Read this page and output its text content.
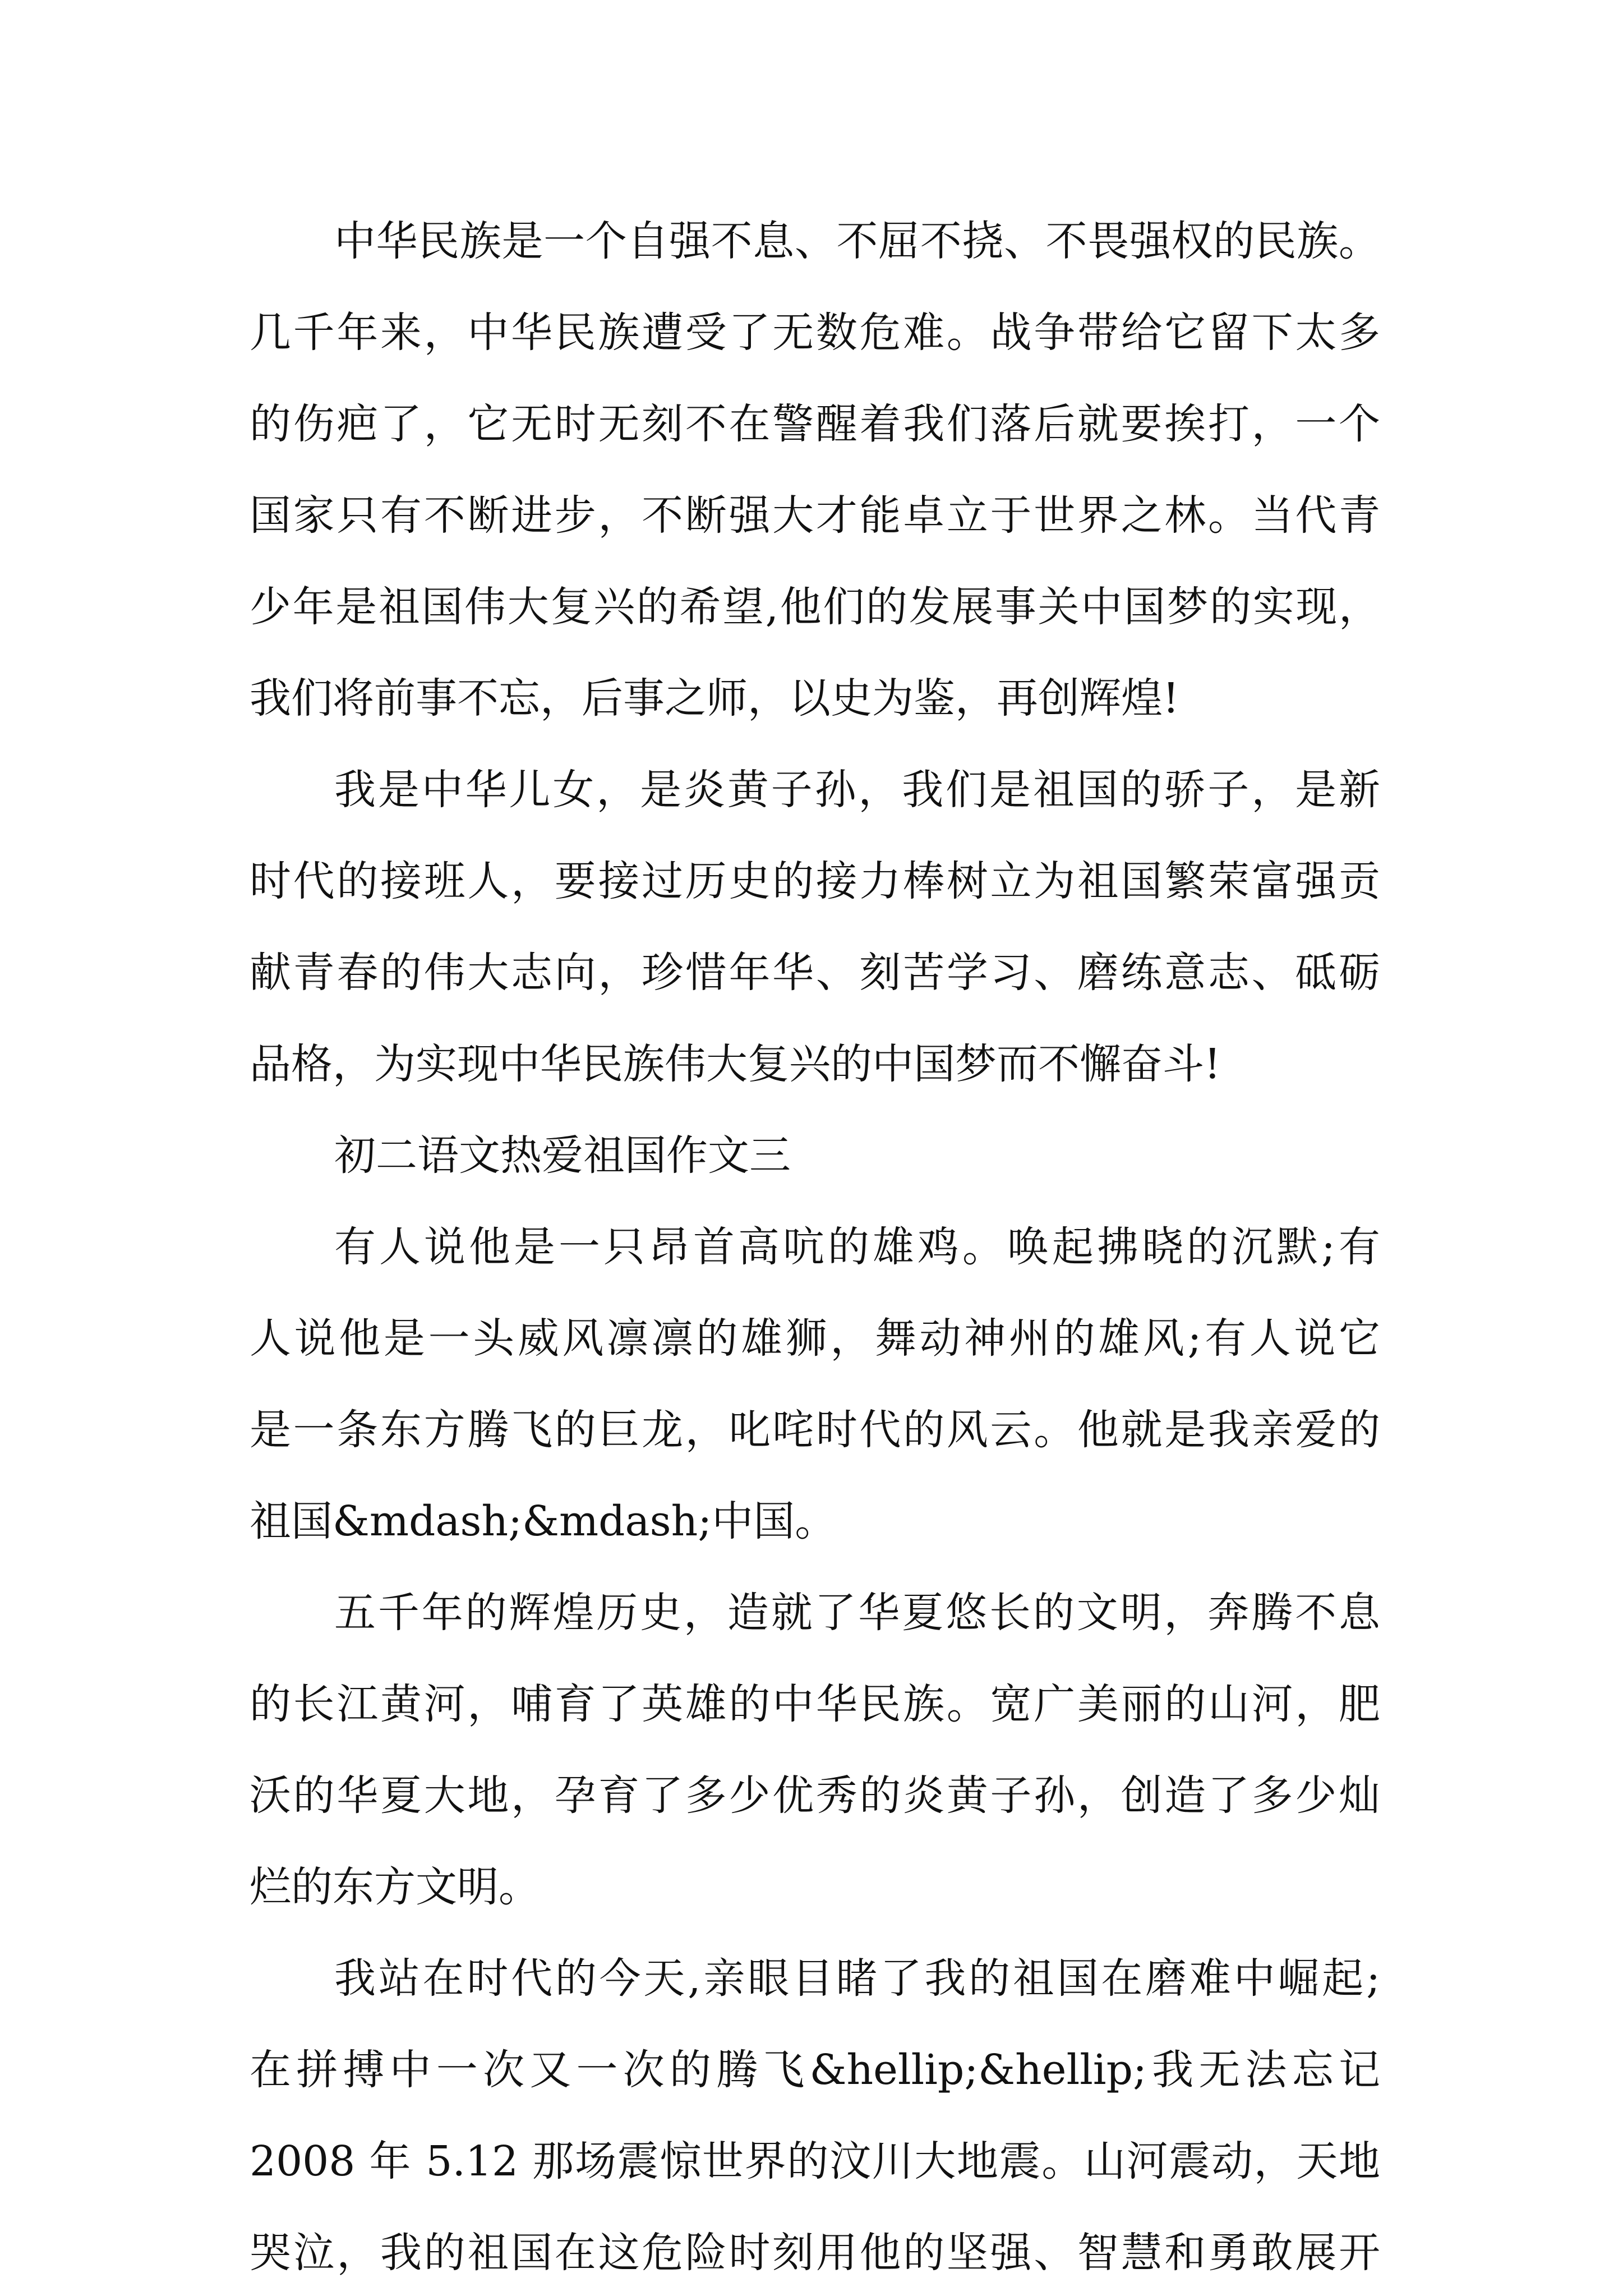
中华民族是一个自强不息、不屈不挠、不畏强权的民族。
几千年来，中华民族遭受了无数危难。战争带给它留下太多
的伤疤了，它无时无刻不在警醒着我们落后就要挨打，一个
国家只有不断进步，不断强大才能卓立于世界之林。当代青
少年是祖国伟大复兴的希望,他们的发展事关中国梦的实现，
我们将前事不忘，后事之师，以史为鉴，再创辉煌!
我是中华儿女，是炎黄子孙，我们是祖国的骄子，是新
时代的接班人，要接过历史的接力棒树立为祖国繁荣富强贡
献青春的伟大志向，珍惜年华、刻苦学习、磨练意志、砥砺
品格，为实现中华民族伟大复兴的中国梦而不懈奋斗!
初二语文热爱祖国作文三
有人说他是一只昂首高吭的雄鸡。唤起拂晓的沉默;有
人说他是一头威风凛凛的雄狮，舞动神州的雄风;有人说它
是一条东方腾飞的巨龙，叱咤时代的风云。他就是我亲爱的
祖国&mdash;&mdash;中国。
五千年的辉煌历史，造就了华夏悠长的文明，奔腾不息
的长江黄河，哺育了英雄的中华民族。宽广美丽的山河，肥
沃的华夏大地，孕育了多少优秀的炎黄子孙，创造了多少灿
烂的东方文明。
我站在时代的今天,亲眼目睹了我的祖国在磨难中崛起;
在拼搏中一次又一次的腾飞&hellip;&hellip;我无法忘记
2008 年 5.12 那场震惊世界的汶川大地震。山河震动，天地
哭泣，我的祖国在这危险时刻用他的坚强、智慧和勇敢展开
